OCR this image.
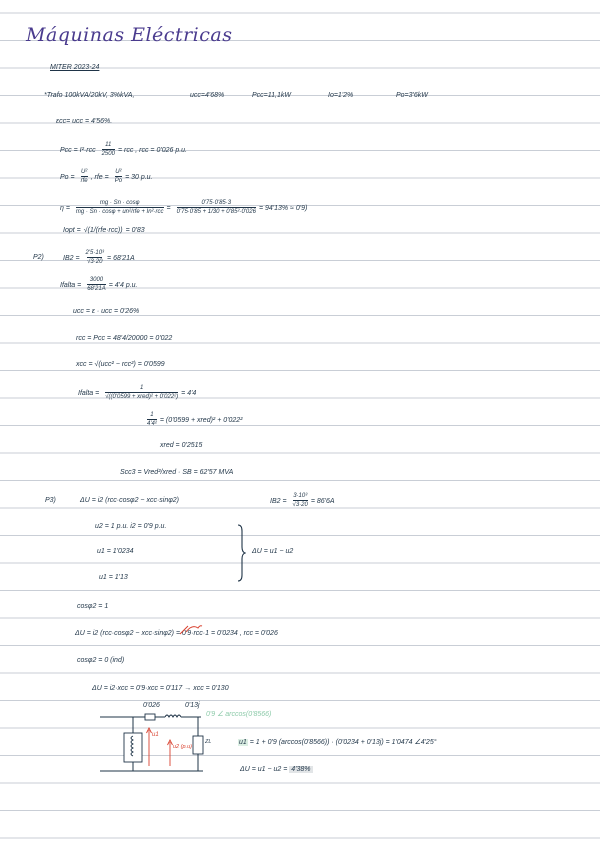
Máquinas Eléctricas
MITER 2023-24
*Trafo 100kVA/20kV, 3%kVA,	ucc=4'68%	Pcc=11,1kW	Io=1'2%	Po=3'6kW
εcc= ucc = 4'56%.
Pcc = $I^2\cdot rcc \frac{11}{2500}$ = rcc , rcc = 0'026 p.u.
$Po = \frac{\text{U²}}{\text{rfe}}$ , rfe = $\frac{\text{U²}}{Po} = 30$ p.u.
$\eta = \frac{mg \cdot Sn \cdot \cos\varphi}{\text{mg · Sn · cosφ + un²/rfe + In²·rcc}} = \frac{0'75\cdot 0'85\cdot 3}{\text{0'75·0'85 + 1/30 + 0'85²·0'026}} = 94'13\% \approx 0'9$)
Iopt = √(1/(rfe·rcc)) = 0'83
P2)	$IB2 = \frac{\text{2'5·10³}}{√3\cdot 20} = 68'21A$
Ifalta = $\frac{3000}{68'21A} = 4'4$ p.u.
ucc = ε · ucc = 0'26%
rcc = Pcc = 48'4/20000 = 0'022
xcc = √(ucc² − rcc²) = 0'0599
Ifalta = $\frac{1}{\text{√((0'0599 + xred)² + 0'022²)}} = 4'4$
$\frac{1}{\text{4'4²}} = (0'0599$ + xred)² + 0'022²
xred = 0'2515
Scc3 = Vred²/xred · SB = 62'57 MVA
P3)	ΔU = i2 (rcc·cosφ2 − xcc·sinφ2)	$IB2 = \frac{\text{3·10³}}{√3\cdot 20} = 86'6A$
u2 = 1 p.u. i2 = 0'9 p.u.
u1 = 1'0234
u1 = 1'13
ΔU = u1 − u2
cosφ2 = 1
ΔU = i2 (rcc·cosφ2 − xcc·sinφ2) = 0'9·rcc·1 = 0'0234 , rcc = 0'026
cosφ2 = 0 (ind)
ΔU = i2·xcc = 0'9·xcc = 0'117 → xcc = 0'130
0'026	0'13j
0'9 ∠ arccos(0'8566)
u1
u2 (p.u)
ZL	u1 = 1 + 0'9 (arccos(0'8566)) · (0'0234 + 0'13j) = 1'0474 ∠4'25°
ΔU = u1 − u2 = 4'38%
